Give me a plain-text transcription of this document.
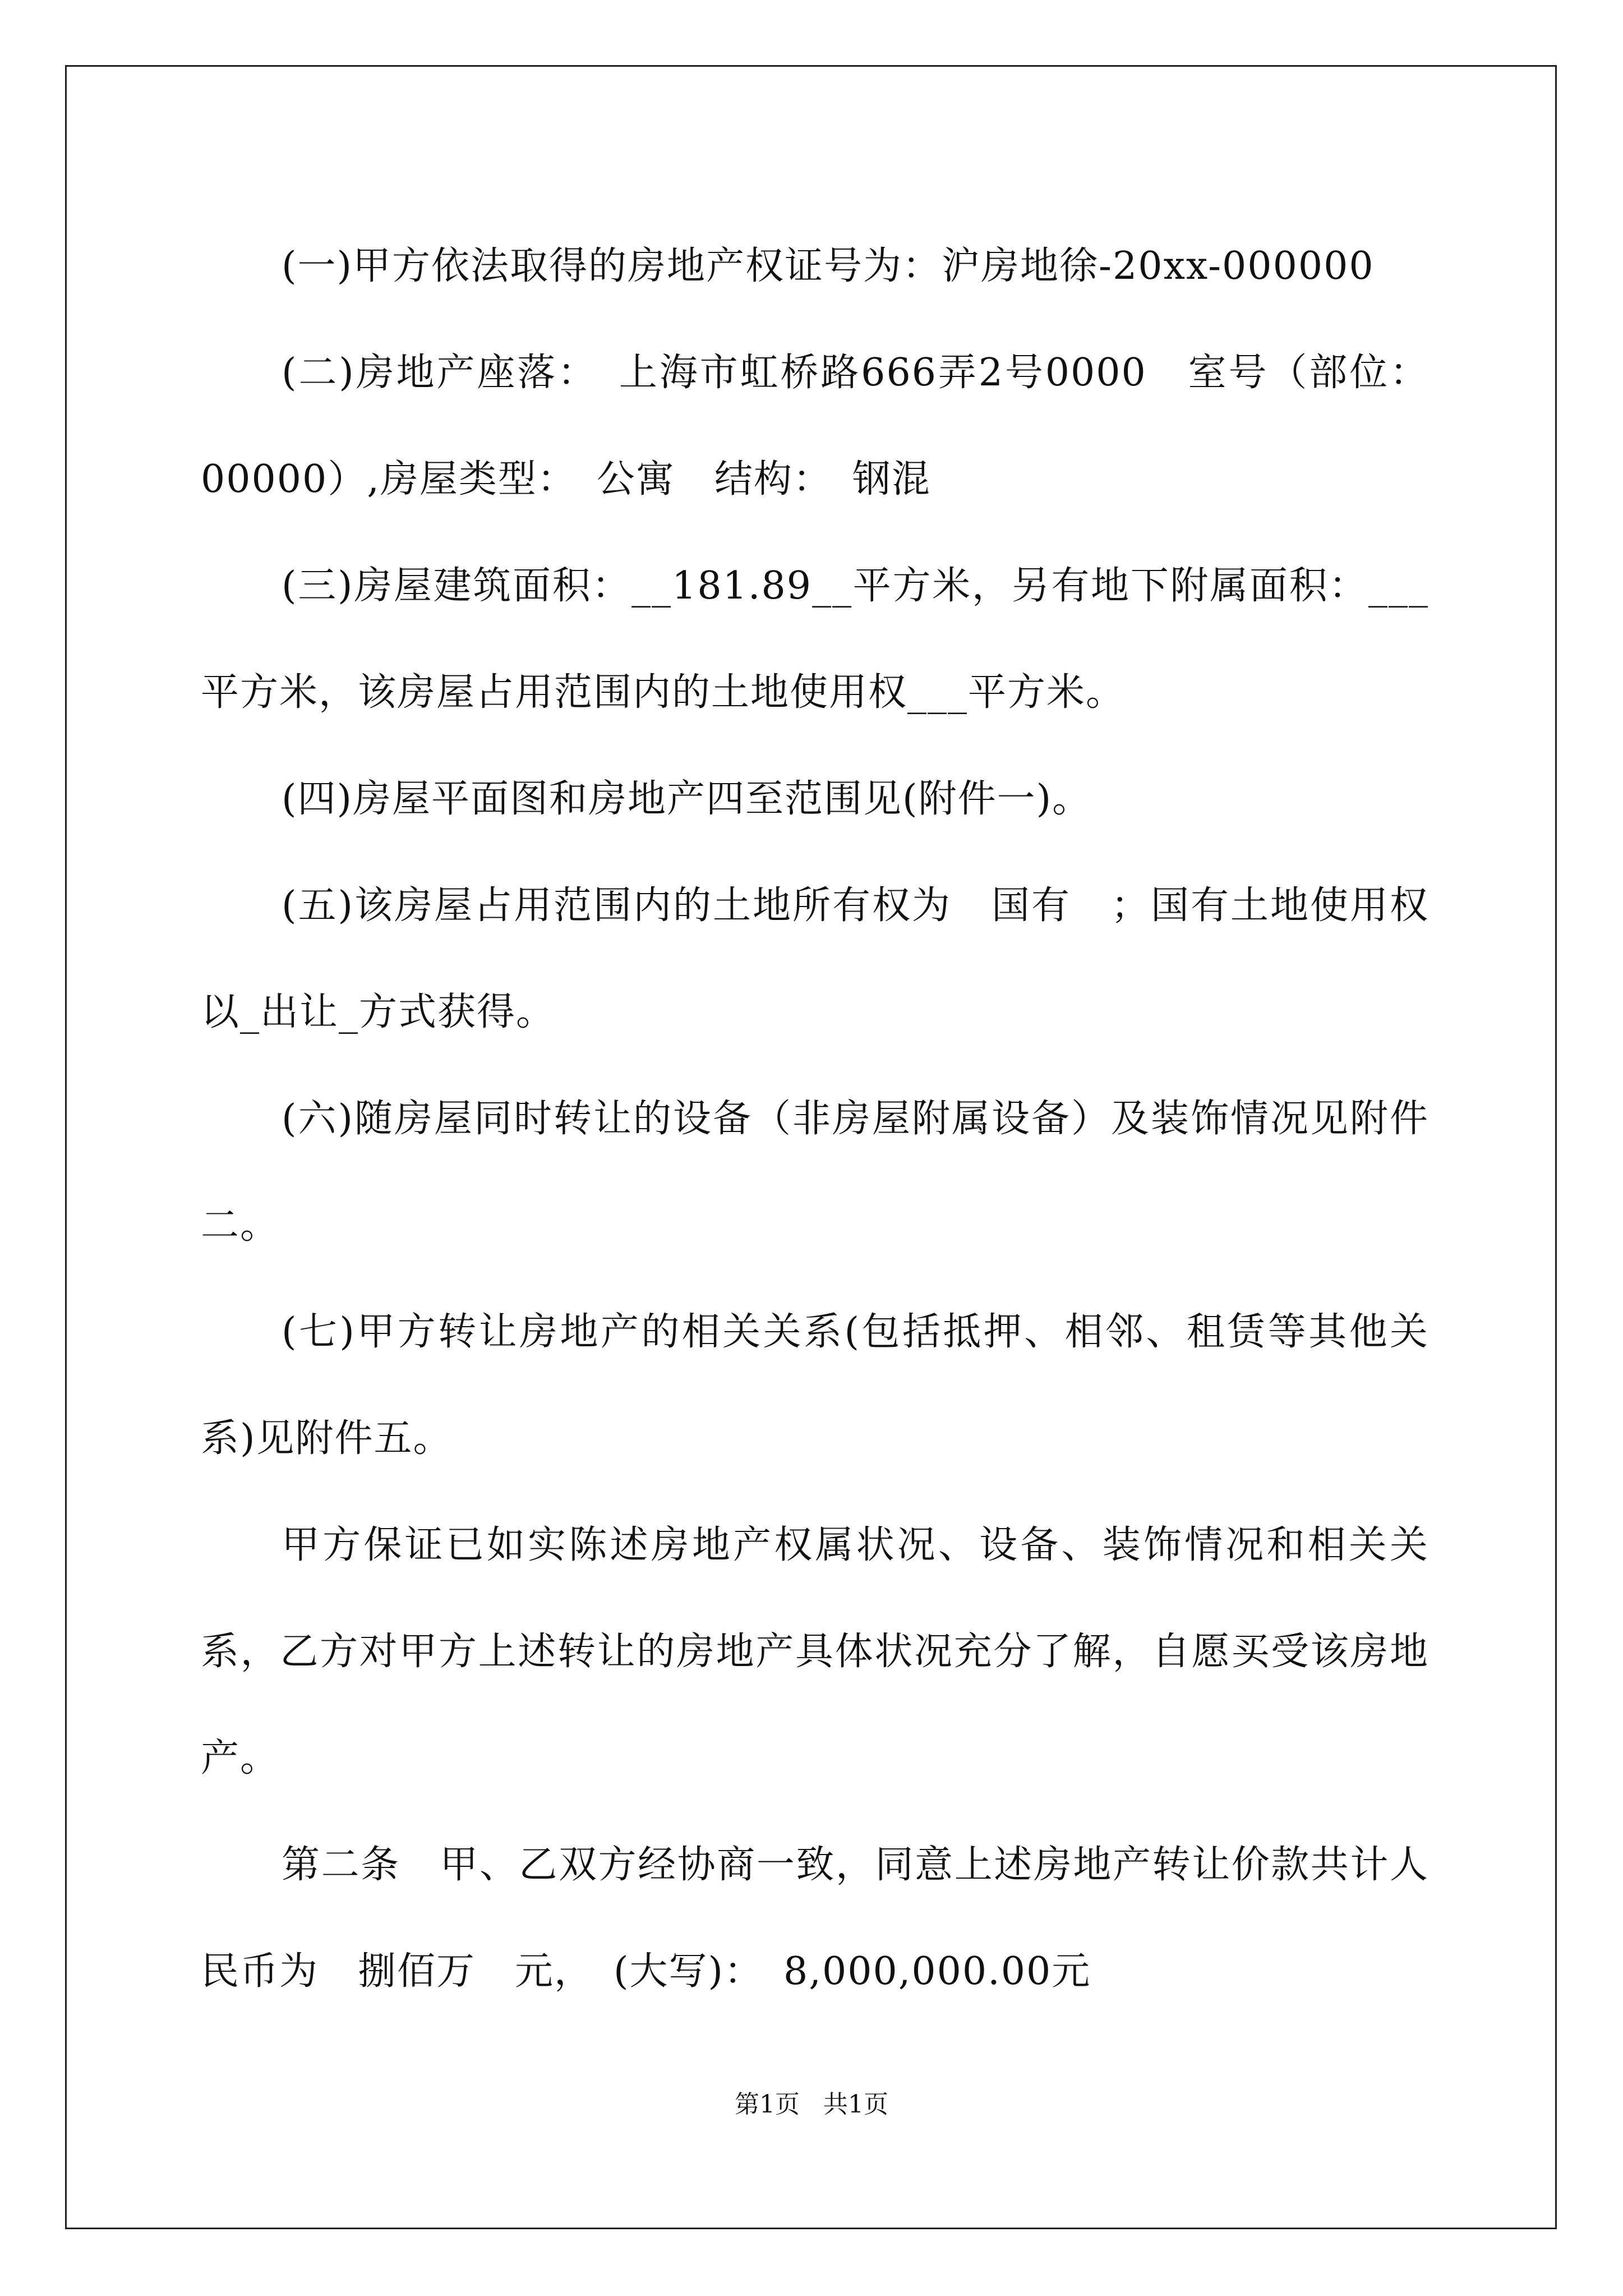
(一)甲方依法取得的房地产权证号为：沪房地徐-20xx-000000

(二)房地产座落：　上海市虹桥路666弄2号0000　室号（部位：00000）,房屋类型：　公寓　结构：　钢混

(三)房屋建筑面积：__181.89__平方米，另有地下附属面积：___平方米，该房屋占用范围内的土地使用权___平方米。

(四)房屋平面图和房地产四至范围见(附件一)。

(五)该房屋占用范围内的土地所有权为　国有　；国有土地使用权以_出让_方式获得。

(六)随房屋同时转让的设备（非房屋附属设备）及装饰情况见附件二。

(七)甲方转让房地产的相关关系(包括抵押、相邻、租赁等其他关系)见附件五。

甲方保证已如实陈述房地产权属状况、设备、装饰情况和相关关系，乙方对甲方上述转让的房地产具体状况充分了解，自愿买受该房地产。

第二条　甲、乙双方经协商一致，同意上述房地产转让价款共计人民币为　捌佰万　元，　(大写)：　8,000,000.00元

第1页 共1页
